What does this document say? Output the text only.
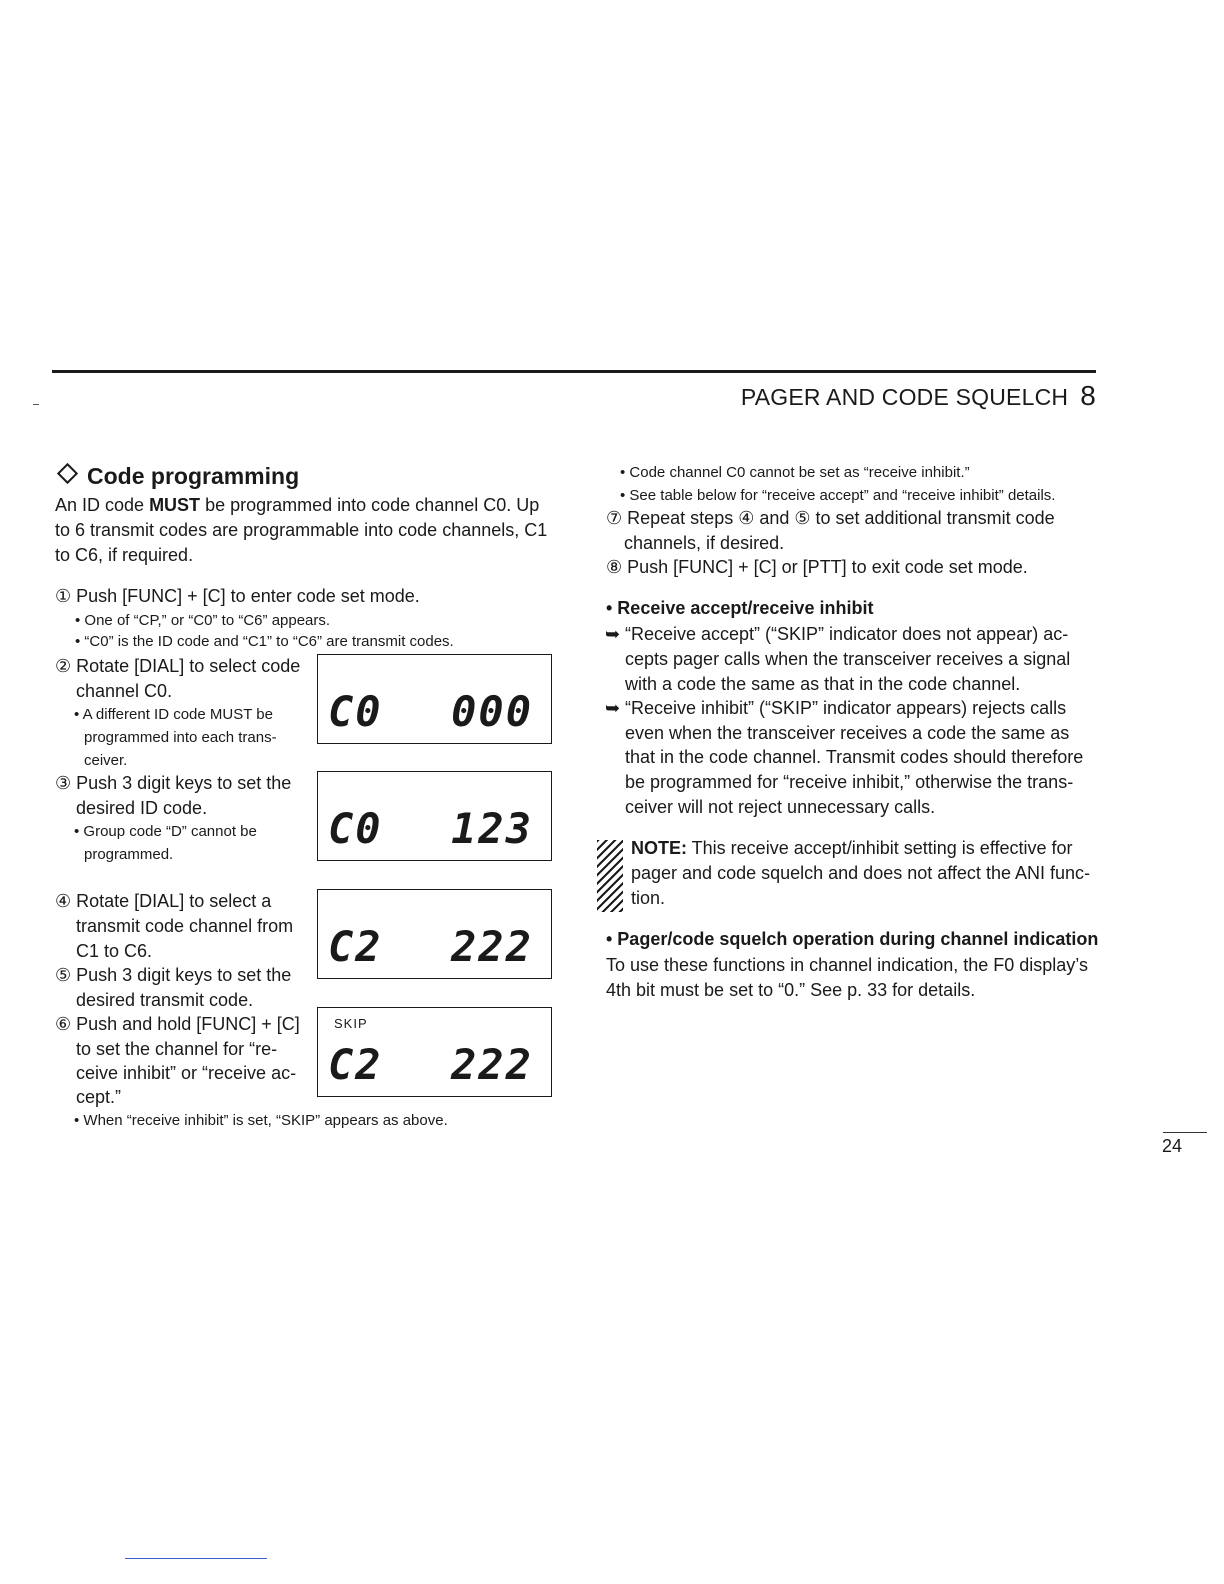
PAGER AND CODE SQUELCH 8
Code programming
An ID code MUST be programmed into code channel C0. Up to 6 transmit codes are programmable into code channels, C1 to C6, if required.
① Push [FUNC] + [C] to enter code set mode.
• One of “CP,” or “C0” to “C6” appears.
• “C0” is the ID code and “C1” to “C6” are transmit codes.
② Rotate [DIAL] to select code
channel C0.
• A different ID code MUST be
programmed into each trans-
ceiver.
③ Push 3 digit keys to set the
desired ID code.
• Group code “D” cannot be
programmed.
④ Rotate [DIAL] to select a
transmit code channel from
C1 to C6.
⑤ Push 3 digit keys to set the
desired transmit code.
⑥ Push and hold [FUNC] + [C]
to set the channel for “re-
ceive inhibit” or “receive ac-
cept.”
• When “receive inhibit” is set, “SKIP” appears as above.
C0 000
C0 123
C2 222
SKIP
C2 222
• Code channel C0 cannot be set as “receive inhibit.”
• See table below for “receive accept” and “receive inhibit” details.
⑦ Repeat steps ④ and ⑤ to set additional transmit code
channels, if desired.
⑧ Push [FUNC] + [C] or [PTT] to exit code set mode.
• Receive accept/receive inhibit
➥ “Receive accept” (“SKIP” indicator does not appear) ac-
cepts pager calls when the transceiver receives a signal
with a code the same as that in the code channel.
➥ “Receive inhibit” (“SKIP” indicator appears) rejects calls
even when the transceiver receives a code the same as
that in the code channel. Transmit codes should therefore
be programmed for “receive inhibit,” otherwise the trans-
ceiver will not reject unnecessary calls.
NOTE: This receive accept/inhibit setting is effective for
pager and code squelch and does not affect the ANI func-
tion.
• Pager/code squelch operation during channel indication
To use these functions in channel indication, the F0 display’s
4th bit must be set to “0.” See p. 33 for details.
24
